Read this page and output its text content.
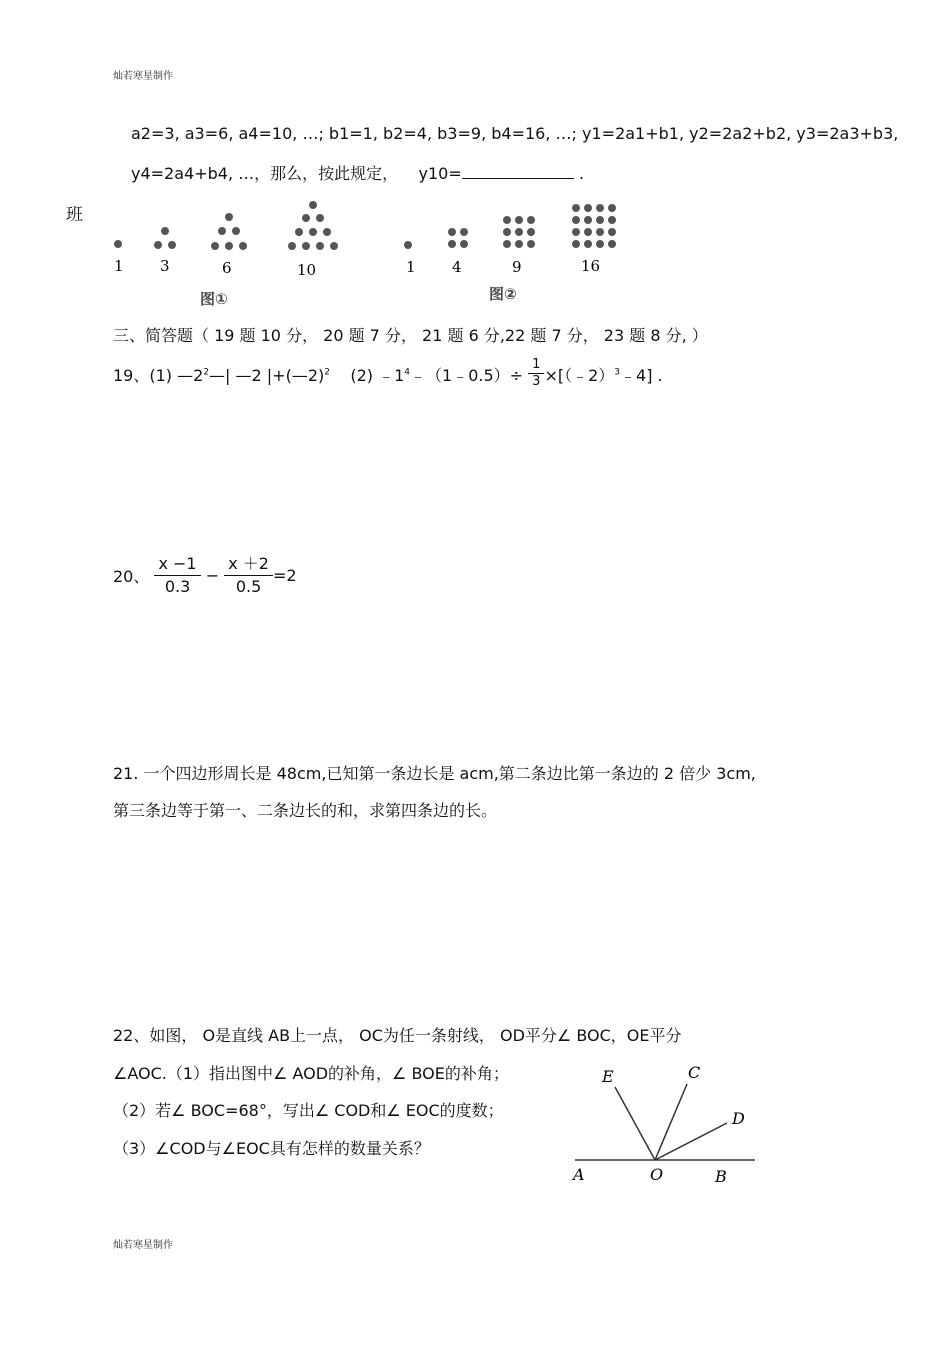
灿若寒星制作
班
a2=3, a3=6, a4=10, …; b1=1, b2=4, b3=9, b4=16, …; y1=2a1+b1, y2=2a2+b2, y3=2a3+b3,
y4=2a4+b4, …，那么，按此规定， y10=	.
1 3	6	10
图①
1 4	9	16
图②
三、简答题（ 19 题 10 分， 20 题 7 分， 21 题 6 分,22 题 7 分， 23 题 8 分, ）
19、(1) $—2^2—|$ —2 |+(—2)$^2$ (2) $﹣1^4﹣(1﹣0.5)\div \frac{1}{3}$ ×[（﹣2）$^3$﹣4] .
20、 $\frac{x -1}{0.3} - \frac{x +2}{0.5} =2$
21. 一个四边形周长是 48cm,已知第一条边长是 acm,第二条边比第一条边的 2 倍少 3cm,
第三条边等于第一、二条边长的和，求第四条边的长。
22、如图， O是直线 AB上一点， OC为任一条射线， OD平分∠ BOC，OE平分
∠AOC.（1）指出图中∠ AOD的补角，∠ BOE的补角；
（2）若∠ BOC=68°，写出∠ COD和∠ EOC的度数；
（3）∠COD与∠EOC具有怎样的数量关系？
E	C
D
A	O	B
灿若寒星制作
